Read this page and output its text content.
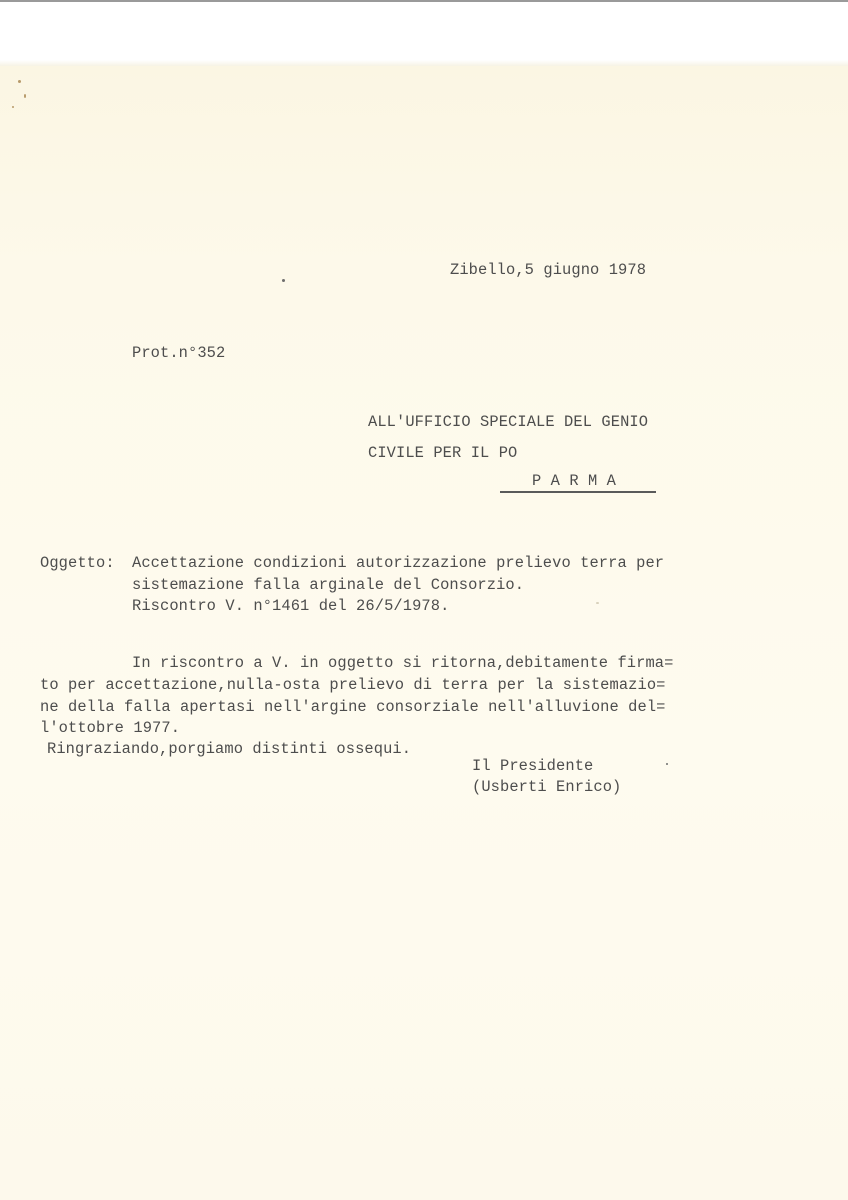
Zibello,5 giugno 1978
Prot.n°352
ALL'UFFICIO SPECIALE DEL GENIO
CIVILE PER IL PO
P A R M A
Oggetto: Accettazione condizioni autorizzazione prelievo terra per
sistemazione falla arginale del Consorzio.
Riscontro V. n°1461 del 26/5/1978.
In riscontro a V. in oggetto si ritorna,debitamente firma=
to per accettazione,nulla-osta prelievo di terra per la sistemazio=
ne della falla apertasi nell'argine consorziale nell'alluvione del=
l'ottobre 1977.
Ringraziando,porgiamo distinti ossequi.
Il Presidente
(Usberti Enrico)
